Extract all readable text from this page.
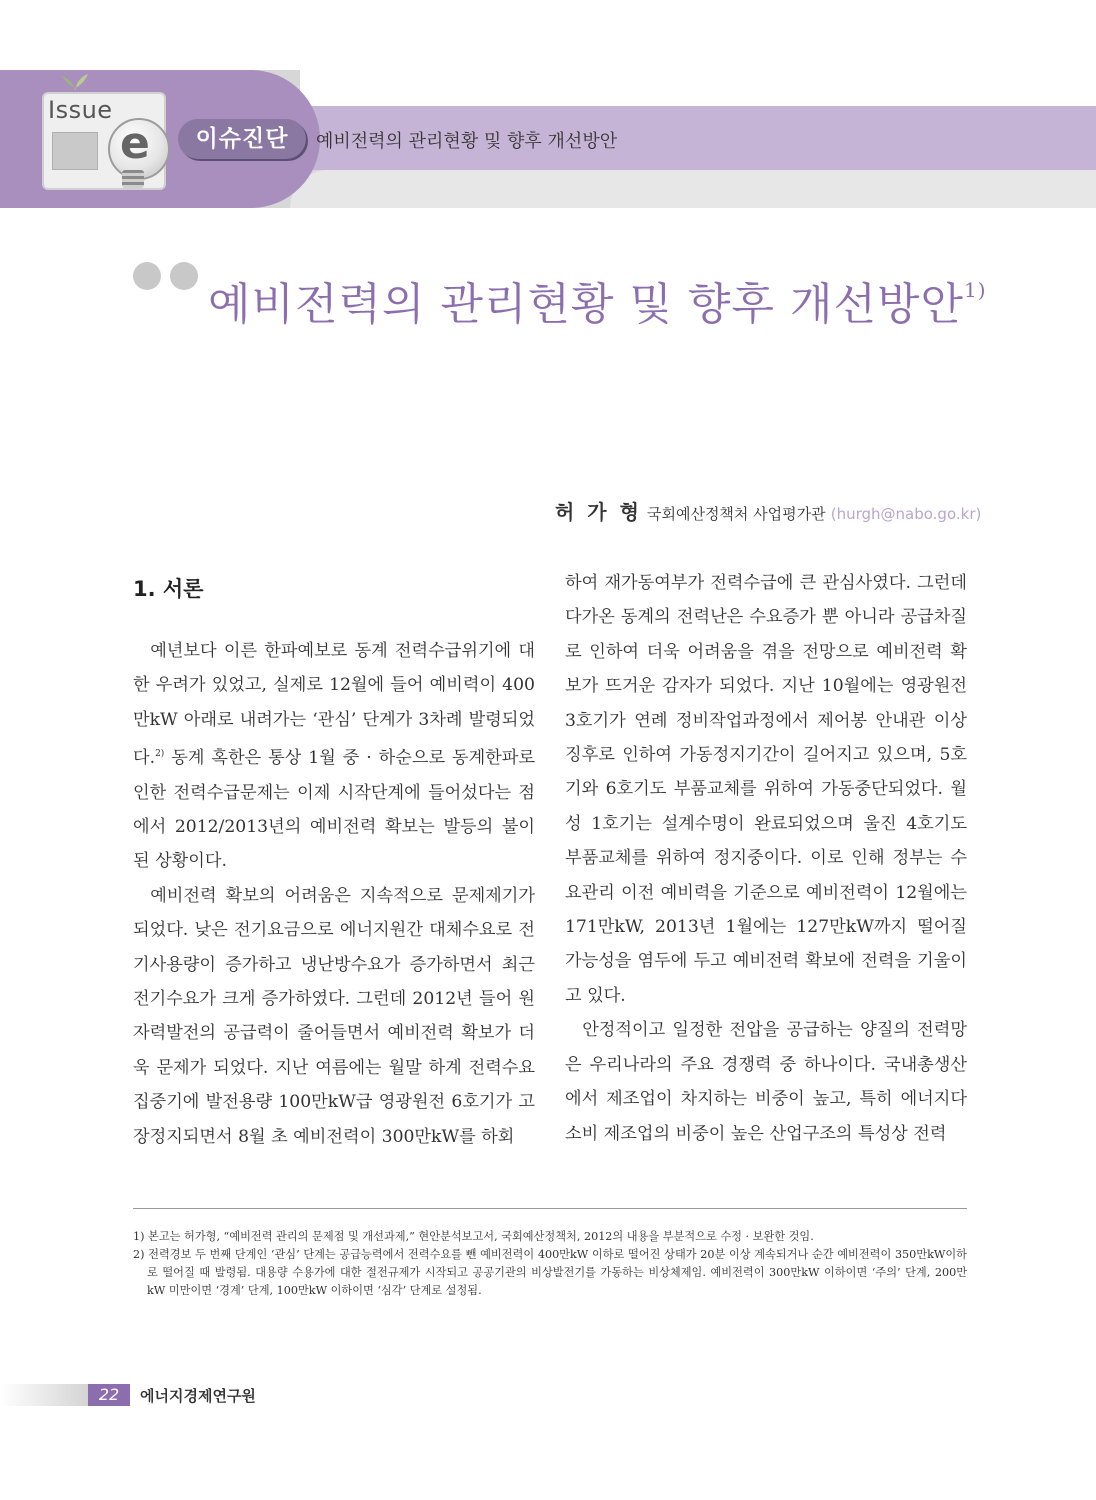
Issue
e	이슈진단	예비전력의 관리현황 및 향후 개선방안
예비전력의 관리현황 및 향후 개선방안$^{1)}$
허 가 형 국회예산정책처 사업평가관 (hurgh@nabo.go.kr)
1. 서론

예년보다 이른 한파예보로 동계 전력수급위기에 대한 우려가 있었고, 실제로 12월에 들어 예비력이 400만kW 아래로 내려가는 ‘관심’ 단계가 3차례 발령되었다.$^{2)}$ 동계 혹한은 통상 1월 중 · 하순으로 동계한파로 인한 전력수급문제는 이제 시작단계에 들어섰다는 점에서 2012/2013년의 예비전력 확보는 발등의 불이 된 상황이다.

예비전력 확보의 어려움은 지속적으로 문제제기가 되었다. 낮은 전기요금으로 에너지원간 대체수요로 전기사용량이 증가하고 냉난방수요가 증가하면서 최근 전기수요가 크게 증가하였다. 그런데 2012년 들어 원자력발전의 공급력이 줄어들면서 예비전력 확보가 더욱 문제가 되었다. 지난 여름에는 월말 하계 전력수요 집중기에 발전용량 100만kW급 영광원전 6호기가 고장정지되면서 8월 초 예비전력이 300만kW를 하회

하여 재가동여부가 전력수급에 큰 관심사였다. 그런데 다가온 동계의 전력난은 수요증가 뿐 아니라 공급차질로 인하여 더욱 어려움을 겪을 전망으로 예비전력 확보가 뜨거운 감자가 되었다. 지난 10월에는 영광원전 3호기가 연례 정비작업과정에서 제어봉 안내관 이상징후로 인하여 가동정지기간이 길어지고 있으며, 5호기와 6호기도 부품교체를 위하여 가동중단되었다. 월성 1호기는 설계수명이 완료되었으며 울진 4호기도 부품교체를 위하여 정지중이다. 이로 인해 정부는 수요관리 이전 예비력을 기준으로 예비전력이 12월에는 171만kW, 2013년 1월에는 127만kW까지 떨어질 가능성을 염두에 두고 예비전력 확보에 전력을 기울이고 있다.

안정적이고 일정한 전압을 공급하는 양질의 전력망은 우리나라의 주요 경쟁력 중 하나이다. 국내총생산에서 제조업이 차지하는 비중이 높고, 특히 에너지다소비 제조업의 비중이 높은 산업구조의 특성상 전력

1) 본고는 허가형, “예비전력 관리의 문제점 및 개선과제,” 현안분석보고서, 국회예산정책처, 2012의 내용을 부분적으로 수정 · 보완한 것임.
2) 전력경보 두 번째 단계인 ‘관심’ 단계는 공급능력에서 전력수요를 뺀 예비전력이 400만kW 이하로 떨어진 상태가 20분 이상 계속되거나 순간 예비전력이 350만kW이하로 떨어질 때 발령됨. 대용량 수용가에 대한 절전규제가 시작되고 공공기관의 비상발전기를 가동하는 비상체제임. 예비전력이 300만kW 이하이면 ‘주의’ 단계, 200만kW 미만이면 ‘경계’ 단계, 100만kW 이하이면 ‘심각’ 단계로 설정됨.
22	에너지경제연구원
